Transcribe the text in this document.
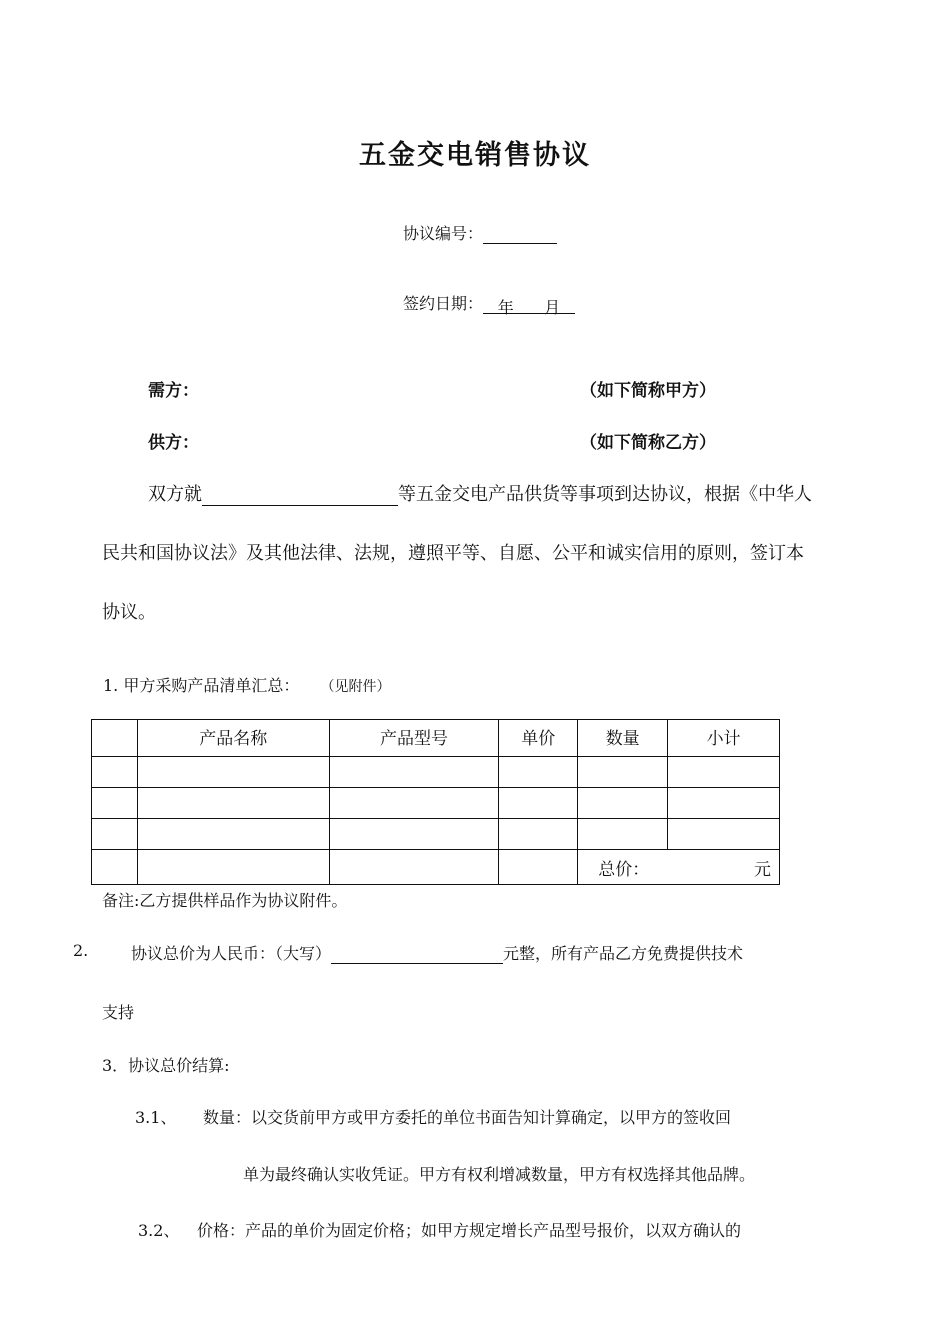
五金交电销售协议
协议编号：
签约日期： 年 月
需方：	（如下简称甲方）
供方：	（如下简称乙方）
双方就	等五金交电产品供货等事项到达协议，根据《中华人
民共和国协议法》及其他法律、法规，遵照平等、自愿、公平和诚实信用的原则，签订本
协议。
1. 甲方采购产品清单汇总： （见附件）
	产品名称	产品型号	单价	数量	小计

				总价： 元	
备注:乙方提供样品作为协议附件。
2.	协议总价为人民币：（大写）	元整，所有产品乙方免费提供技术
支持
3．协议总价结算:
3.1、 数量：以交货前甲方或甲方委托的单位书面告知计算确定，以甲方的签收回
单为最终确认实收凭证。甲方有权利增减数量，甲方有权选择其他品牌。
3.2、 价格：产品的单价为固定价格；如甲方规定增长产品型号报价，以双方确认的
